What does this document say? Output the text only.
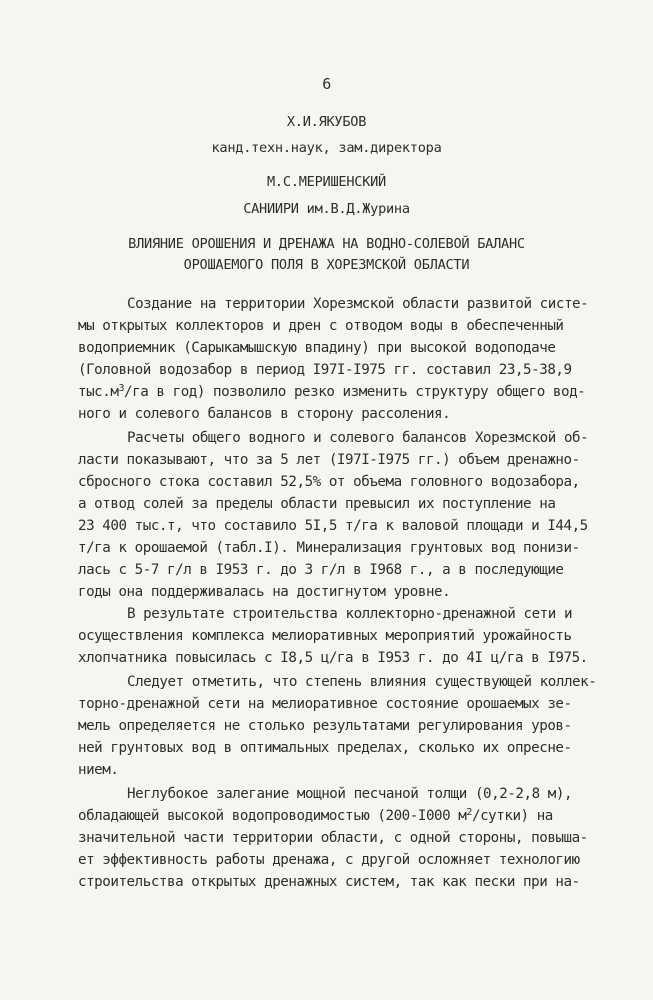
6
Х.И.ЯКУБОВ
канд.техн.наук, зам.директора
М.С.МЕРИШЕНСКИЙ
САНИИРИ им.В.Д.Журина
ВЛИЯНИЕ ОРОШЕНИЯ И ДРЕНАЖА НА ВОДНО-СОЛЕВОЙ БАЛАНС
ОРОШАЕМОГО ПОЛЯ В ХОРЕЗМСКОЙ ОБЛАСТИ
Создание на территории Хорезмской области развитой систе-
мы открытых коллекторов и дрен с отводом воды в обеспеченный
водоприемник (Сарыкамышскую впадину) при высокой водоподаче
(Головной водозабор в период I97I-I975 гг. составил 23,5-38,9
$тыс.м^3/га$ в год) позволило резко изменить структуру общего вод-
ного и солевого балансов в сторону рассоления.
Расчеты общего водного и солевого балансов Хорезмской об-
ласти показывают, что за 5 лет (I97I-I975 гг.) объем дренажно-
сбросного стока составил 52,5% от объема головного водозабора,
а отвод солей за пределы области превысил их поступление на
23 400 тыс.т, что составило 5I,5 т/га к валовой площади и I44,5
т/га к орошаемой (табл.I). Минерализация грунтовых вод понизи-
лась с 5-7 г/л в I953 г. до 3 г/л в I968 г., а в последующие
годы она поддерживалась на достигнутом уровне.
В результате строительства коллекторно-дренажной сети и
осуществления комплекса мелиоративных мероприятий урожайность
хлопчатника повысилась с I8,5 ц/га в I953 г. до 4I ц/га в I975.
Следует отметить, что степень влияния существующей коллек-
торно-дренажной сети на мелиоративное состояние орошаемых зе-
мель определяется не столько результатами регулирования уров-
ней грунтовых вод в оптимальных пределах, сколько их опреснe-
нием.
Неглубокое залегание мощной песчаной толщи (0,2-2,8 м),
обладающей высокой водопроводимостью (200-I000 $м^2/сутки$) на
значительной части территории области, с одной стороны, повыша-
ет эффективность работы дренажа, с другой осложняет технологию
строительства открытых дренажных систем, так как пески при на-
